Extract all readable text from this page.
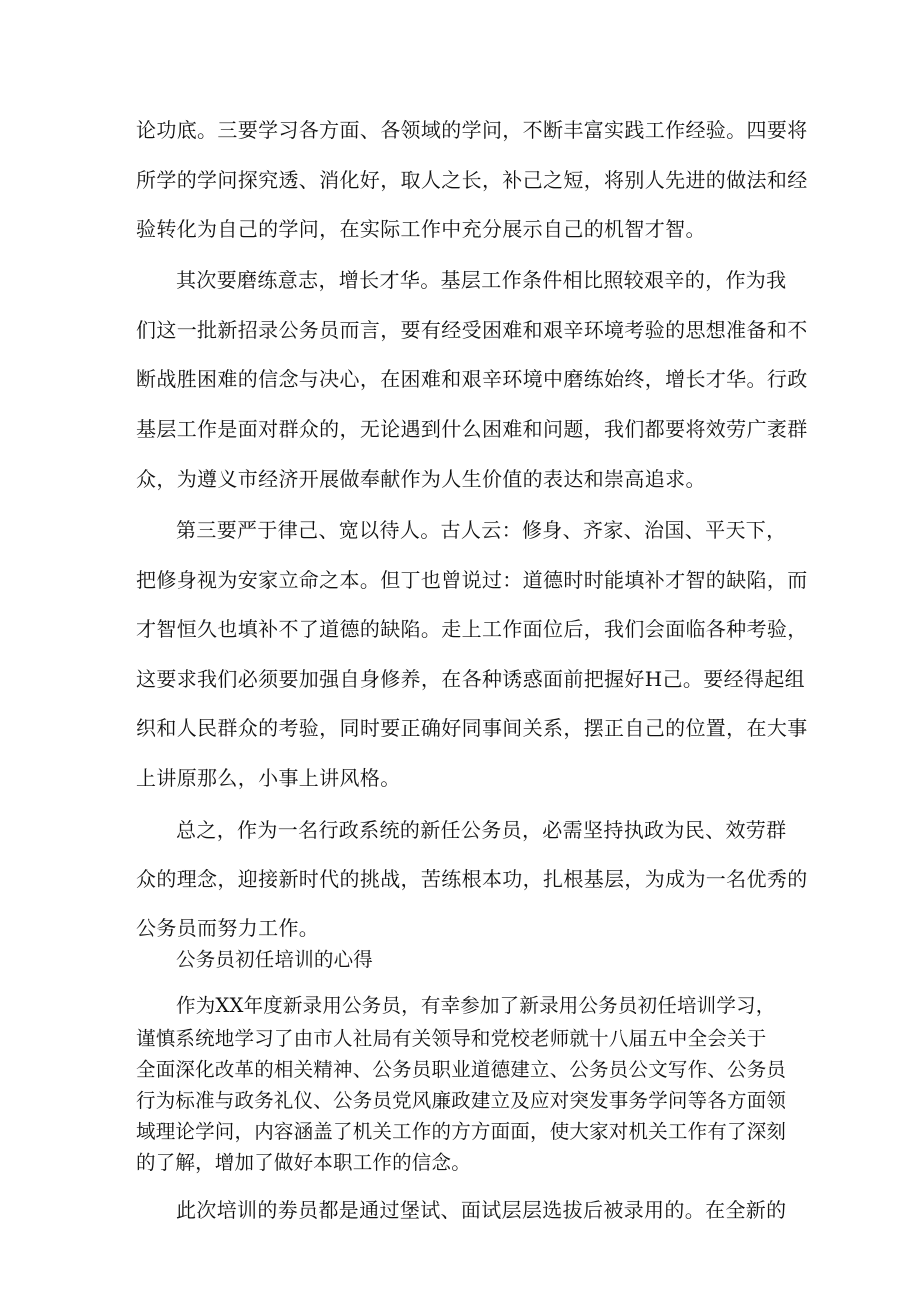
论功底。三要学习各方面、各领域的学问，不断丰富实践工作经验。四要将
所学的学问探究透、消化好，取人之长，补己之短，将别人先进的做法和经
验转化为自己的学问，在实际工作中充分展示自己的机智才智。
其次要磨练意志，增长才华。基层工作条件相比照较艰辛的，作为我
们这一批新招录公务员而言，要有经受困难和艰辛环境考验的思想准备和不
断战胜困难的信念与决心，在困难和艰辛环境中磨练始终，增长才华。行政
基层工作是面对群众的，无论遇到什么困难和问题，我们都要将效劳广袤群
众，为遵义市经济开展做奉献作为人生价值的表达和崇高追求。
第三要严于律己、宽以待人。古人云：修身、齐家、治国、平天下，
把修身视为安家立命之本。但丁也曾说过：道德时时能填补才智的缺陷，而
才智恒久也填补不了道德的缺陷。走上工作面位后，我们会面临各种考验，
这要求我们必须要加强自身修养，在各种诱惑面前把握好H己。要经得起组
织和人民群众的考验，同时要正确好同事间关系，摆正自己的位置，在大事
上讲原那么，小事上讲风格。
总之，作为一名行政系统的新任公务员，必需坚持执政为民、效劳群
众的理念，迎接新时代的挑战，苦练根本功，扎根基层，为成为一名优秀的
公务员而努力工作。
公务员初任培训的心得
作为XX年度新录用公务员，有幸参加了新录用公务员初任培训学习，
谨慎系统地学习了由市人社局有关领导和党校老师就十八届五中全会关于
全面深化改革的相关精神、公务员职业道德建立、公务员公文写作、公务员
行为标准与政务礼仪、公务员党风廉政建立及应对突发事务学问等各方面领
域理论学问，内容涵盖了机关工作的方方面面，使大家对机关工作有了深刻
的了解，增加了做好本职工作的信念。
此次培训的劵员都是通过堡试、面试层层选拔后被录用的。在全新的
